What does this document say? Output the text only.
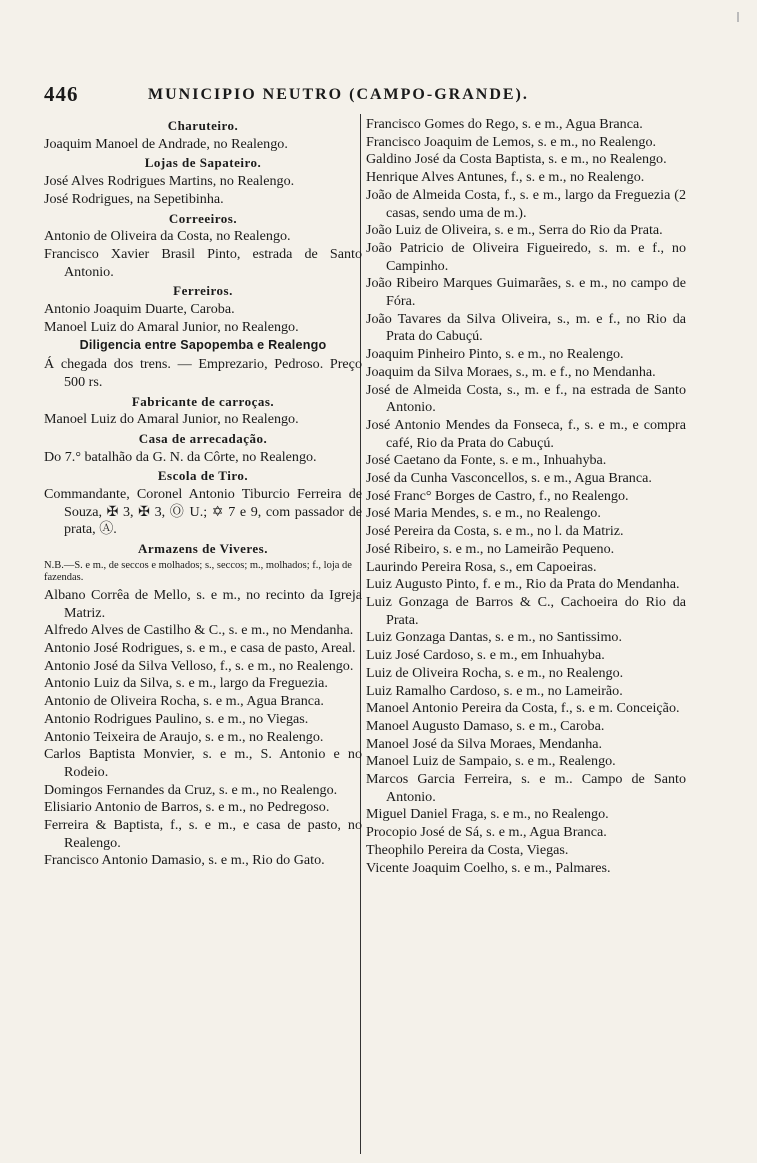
446	MUNICIPIO NEUTRO (CAMPO-GRANDE).

Charuteiro.

Joaquim Manoel de Andrade, no Realengo.

Lojas de Sapateiro.

José Alves Rodrigues Martins, no Realengo.

José Rodrigues, na Sepetibinha.

Correeiros.

Antonio de Oliveira da Costa, no Realengo.

Francisco Xavier Brasil Pinto, estrada de Santo Antonio.

Ferreiros.

Antonio Joaquim Duarte, Caroba.

Manoel Luiz do Amaral Junior, no Realengo.

Diligencia entre Sapopemba e Realengo

Á chegada dos trens. — Emprezario, Pedroso. Preço 500 rs.

Fabricante de carroças.

Manoel Luiz do Amaral Junior, no Realengo.

Casa de arrecadação.

Do 7.° batalhão da G. N. da Côrte, no Realengo.

Escola de Tiro.

Commandante, Coronel Antonio Tiburcio Ferreira de Souza, ✠ 3, ✠ 3, Ⓞ U.; ✡ 7 e 9, com passador de prata, Ⓐ.

Armazens de Viveres.

N.B.—S. e m., de seccos e molhados; s., seccos; m., molhados; f., loja de fazendas.

Albano Corrêa de Mello, s. e m., no recinto da Igreja Matriz.

Alfredo Alves de Castilho & C., s. e m., no Mendanha.

Antonio José Rodrigues, s. e m., e casa de pasto, Areal.

Antonio José da Silva Velloso, f., s. e m., no Realengo.

Antonio Luiz da Silva, s. e m., largo da Freguezia.

Antonio de Oliveira Rocha, s. e m., Agua Branca.

Antonio Rodrigues Paulino, s. e m., no Viegas.

Antonio Teixeira de Araujo, s. e m., no Realengo.

Carlos Baptista Monvier, s. e m., S. Antonio e no Rodeio.

Domingos Fernandes da Cruz, s. e m., no Realengo.

Elisiario Antonio de Barros, s. e m., no Pedregoso.

Ferreira & Baptista, f., s. e m., e casa de pasto, no Realengo.

Francisco Antonio Damasio, s. e m., Rio do Gato.

Francisco Gomes do Rego, s. e m., Agua Branca.

Francisco Joaquim de Lemos, s. e m., no Realengo.

Galdino José da Costa Baptista, s. e m., no Realengo.

Henrique Alves Antunes, f., s. e m., no Realengo.

João de Almeida Costa, f., s. e m., largo da Freguezia (2 casas, sendo uma de m.).

João Luiz de Oliveira, s. e m., Serra do Rio da Prata.

João Patricio de Oliveira Figueiredo, s. m. e f., no Campinho.

João Ribeiro Marques Guimarães, s. e m., no campo de Fóra.

João Tavares da Silva Oliveira, s., m. e f., no Rio da Prata do Cabuçú.

Joaquim Pinheiro Pinto, s. e m., no Realengo.

Joaquim da Silva Moraes, s., m. e f., no Mendanha.

José de Almeida Costa, s., m. e f., na estrada de Santo Antonio.

José Antonio Mendes da Fonseca, f., s. e m., e compra café, Rio da Prata do Cabuçú.

José Caetano da Fonte, s. e m., Inhuahyba.

José da Cunha Vasconcellos, s. e m., Agua Branca.

José Franc° Borges de Castro, f., no Realengo.

José Maria Mendes, s. e m., no Realengo.

José Pereira da Costa, s. e m., no l. da Matriz.

José Ribeiro, s. e m., no Lameirão Pequeno.

Laurindo Pereira Rosa, s., em Capoeiras.

Luiz Augusto Pinto, f. e m., Rio da Prata do Mendanha.

Luiz Gonzaga de Barros & C., Cachoeira do Rio da Prata.

Luiz Gonzaga Dantas, s. e m., no Santissimo.

Luiz José Cardoso, s. e m., em Inhuahyba.

Luiz de Oliveira Rocha, s. e m., no Realengo.

Luiz Ramalho Cardoso, s. e m., no Lameirão.

Manoel Antonio Pereira da Costa, f., s. e m. Conceição.

Manoel Augusto Damaso, s. e m., Caroba.

Manoel José da Silva Moraes, Mendanha.

Manoel Luiz de Sampaio, s. e m., Realengo.

Marcos Garcia Ferreira, s. e m.. Campo de Santo Antonio.

Miguel Daniel Fraga, s. e m., no Realengo.

Procopio José de Sá, s. e m., Agua Branca.

Theophilo Pereira da Costa, Viegas.

Vicente Joaquim Coelho, s. e m., Palmares.
